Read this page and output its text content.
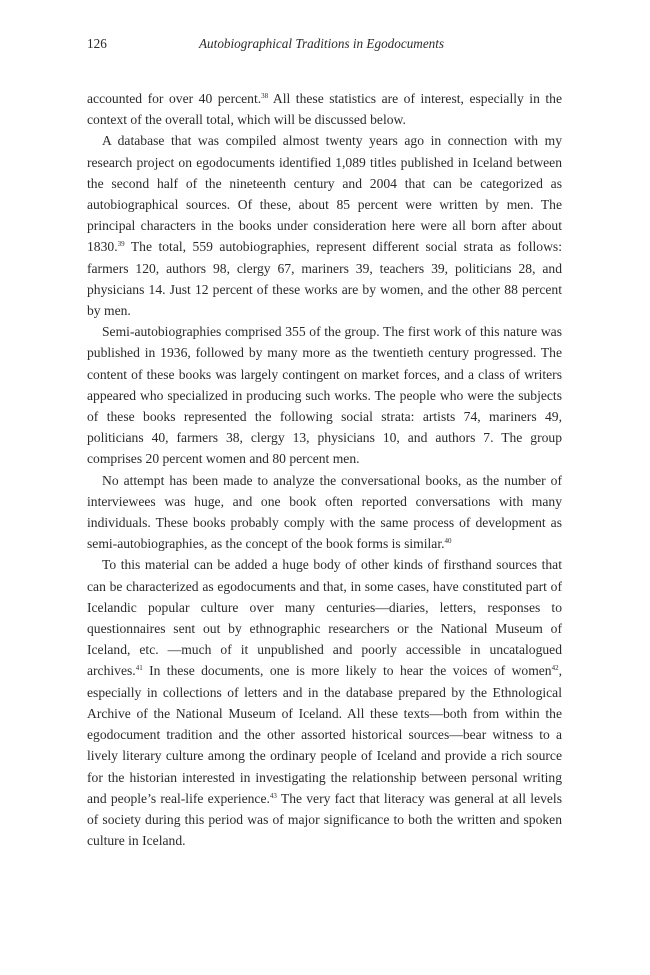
126	Autobiographical Traditions in Egodocuments

accounted for over 40 percent.$^{38}$ All these statistics are of interest, especially in the context of the overall total, which will be discussed below.

A database that was compiled almost twenty years ago in connection with my research project on egodocuments identified 1,089 titles published in Iceland between the second half of the nineteenth century and 2004 that can be categorized as autobiographical sources. Of these, about 85 percent were written by men. The principal characters in the books under consideration here were all born after about 1830.39 The total, 559 autobiographies, represent different social strata as follows: farmers 120, authors 98, clergy 67, mariners 39, teachers 39, politicians 28, and physicians 14. Just 12 percent of these works are by women, and the other 88 percent by men.

Semi-autobiographies comprised 355 of the group. The first work of this nature was published in 1936, followed by many more as the twentieth century progressed. The content of these books was largely contingent on market forces, and a class of writers appeared who specialized in producing such works. The people who were the subjects of these books represented the following social strata: artists 74, mariners 49, politicians 40, farmers 38, clergy 13, physicians 10, and authors 7. The group comprises 20 percent women and 80 percent men.

No attempt has been made to analyze the conversational books, as the number of interviewees was huge, and one book often reported conversations with many individuals. These books probably comply with the same process of development as semi-autobiographies, as the concept of the book forms is similar.$^{40}$

To this material can be added a huge body of other kinds of firsthand sources that can be characterized as egodocuments and that, in some cases, have constituted part of Icelandic popular culture over many centuries—diaries, letters, responses to questionnaires sent out by ethnographic researchers or the National Museum of Iceland, etc. —much of it unpublished and poorly accessible in uncatalogued archives.$^{41}$ In these documents, one is more likely to hear the voices of women$^{42}$, especially in collections of letters and in the database prepared by the Ethnological Archive of the National Museum of Iceland. All these texts—both from within the egodocument tradition and the other assorted historical sources—bear witness to a lively literary culture among the ordinary people of Iceland and provide a rich source for the historian interested in investigating the relationship between personal writing and people’s real-life experience.$^{43}$ The very fact that literacy was general at all levels of society during this period was of major significance to both the written and spoken culture in Iceland.
